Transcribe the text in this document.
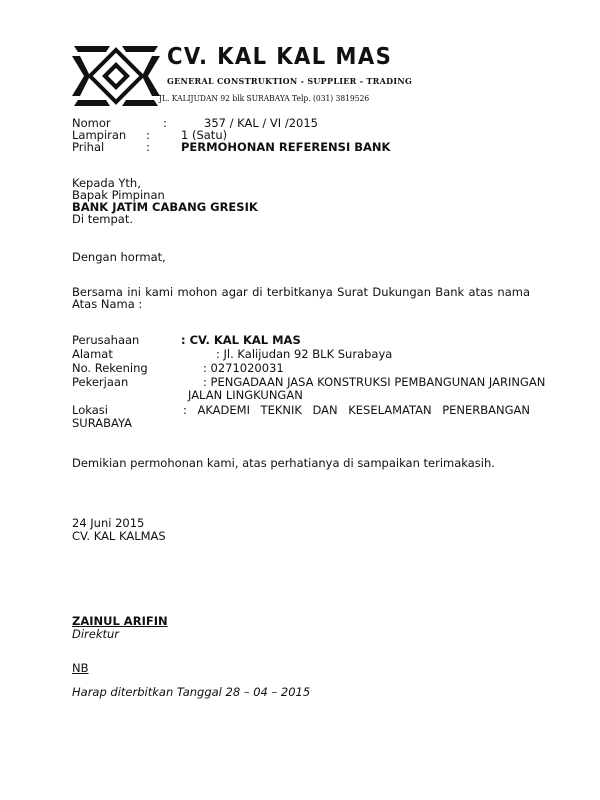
CV. KAL KAL MAS
GENERAL CONSTRUKTION - SUPPLIER - TRADING
JL. KALIJUDAN 92 blk SURABAYA Telp. (031) 3819526
Nomor	:	357 / KAL / VI /2015
Lampiran :	1 (Satu)
Prihal	:	PERMOHONAN REFERENSI BANK
Kepada Yth,
Bapak Pimpinan
BANK JATIM CABANG GRESIK
Di tempat.
Dengan hormat,
Bersama ini kami mohon agar di terbitkanya Surat Dukungan Bank atas nama
Atas Nama :
Perusahaan	: CV. KAL KAL MAS
Alamat	: Jl. Kalijudan 92 BLK Surabaya
No. Rekening	: 0271020031
Pekerjaan	: PENGADAAN JASA KONSTRUKSI PEMBANGUNAN JARINGAN
JALAN LINGKUNGAN
Lokasi	: AKADEMI TEKNIK DAN KESELAMATAN PENERBANGAN
SURABAYA
Demikian permohonan kami, atas perhatianya di sampaikan terimakasih.
24 Juni 2015
CV. KAL KALMAS
ZAINUL ARIFIN
Direktur
NB
Harap diterbitkan Tanggal 28 – 04 – 2015
